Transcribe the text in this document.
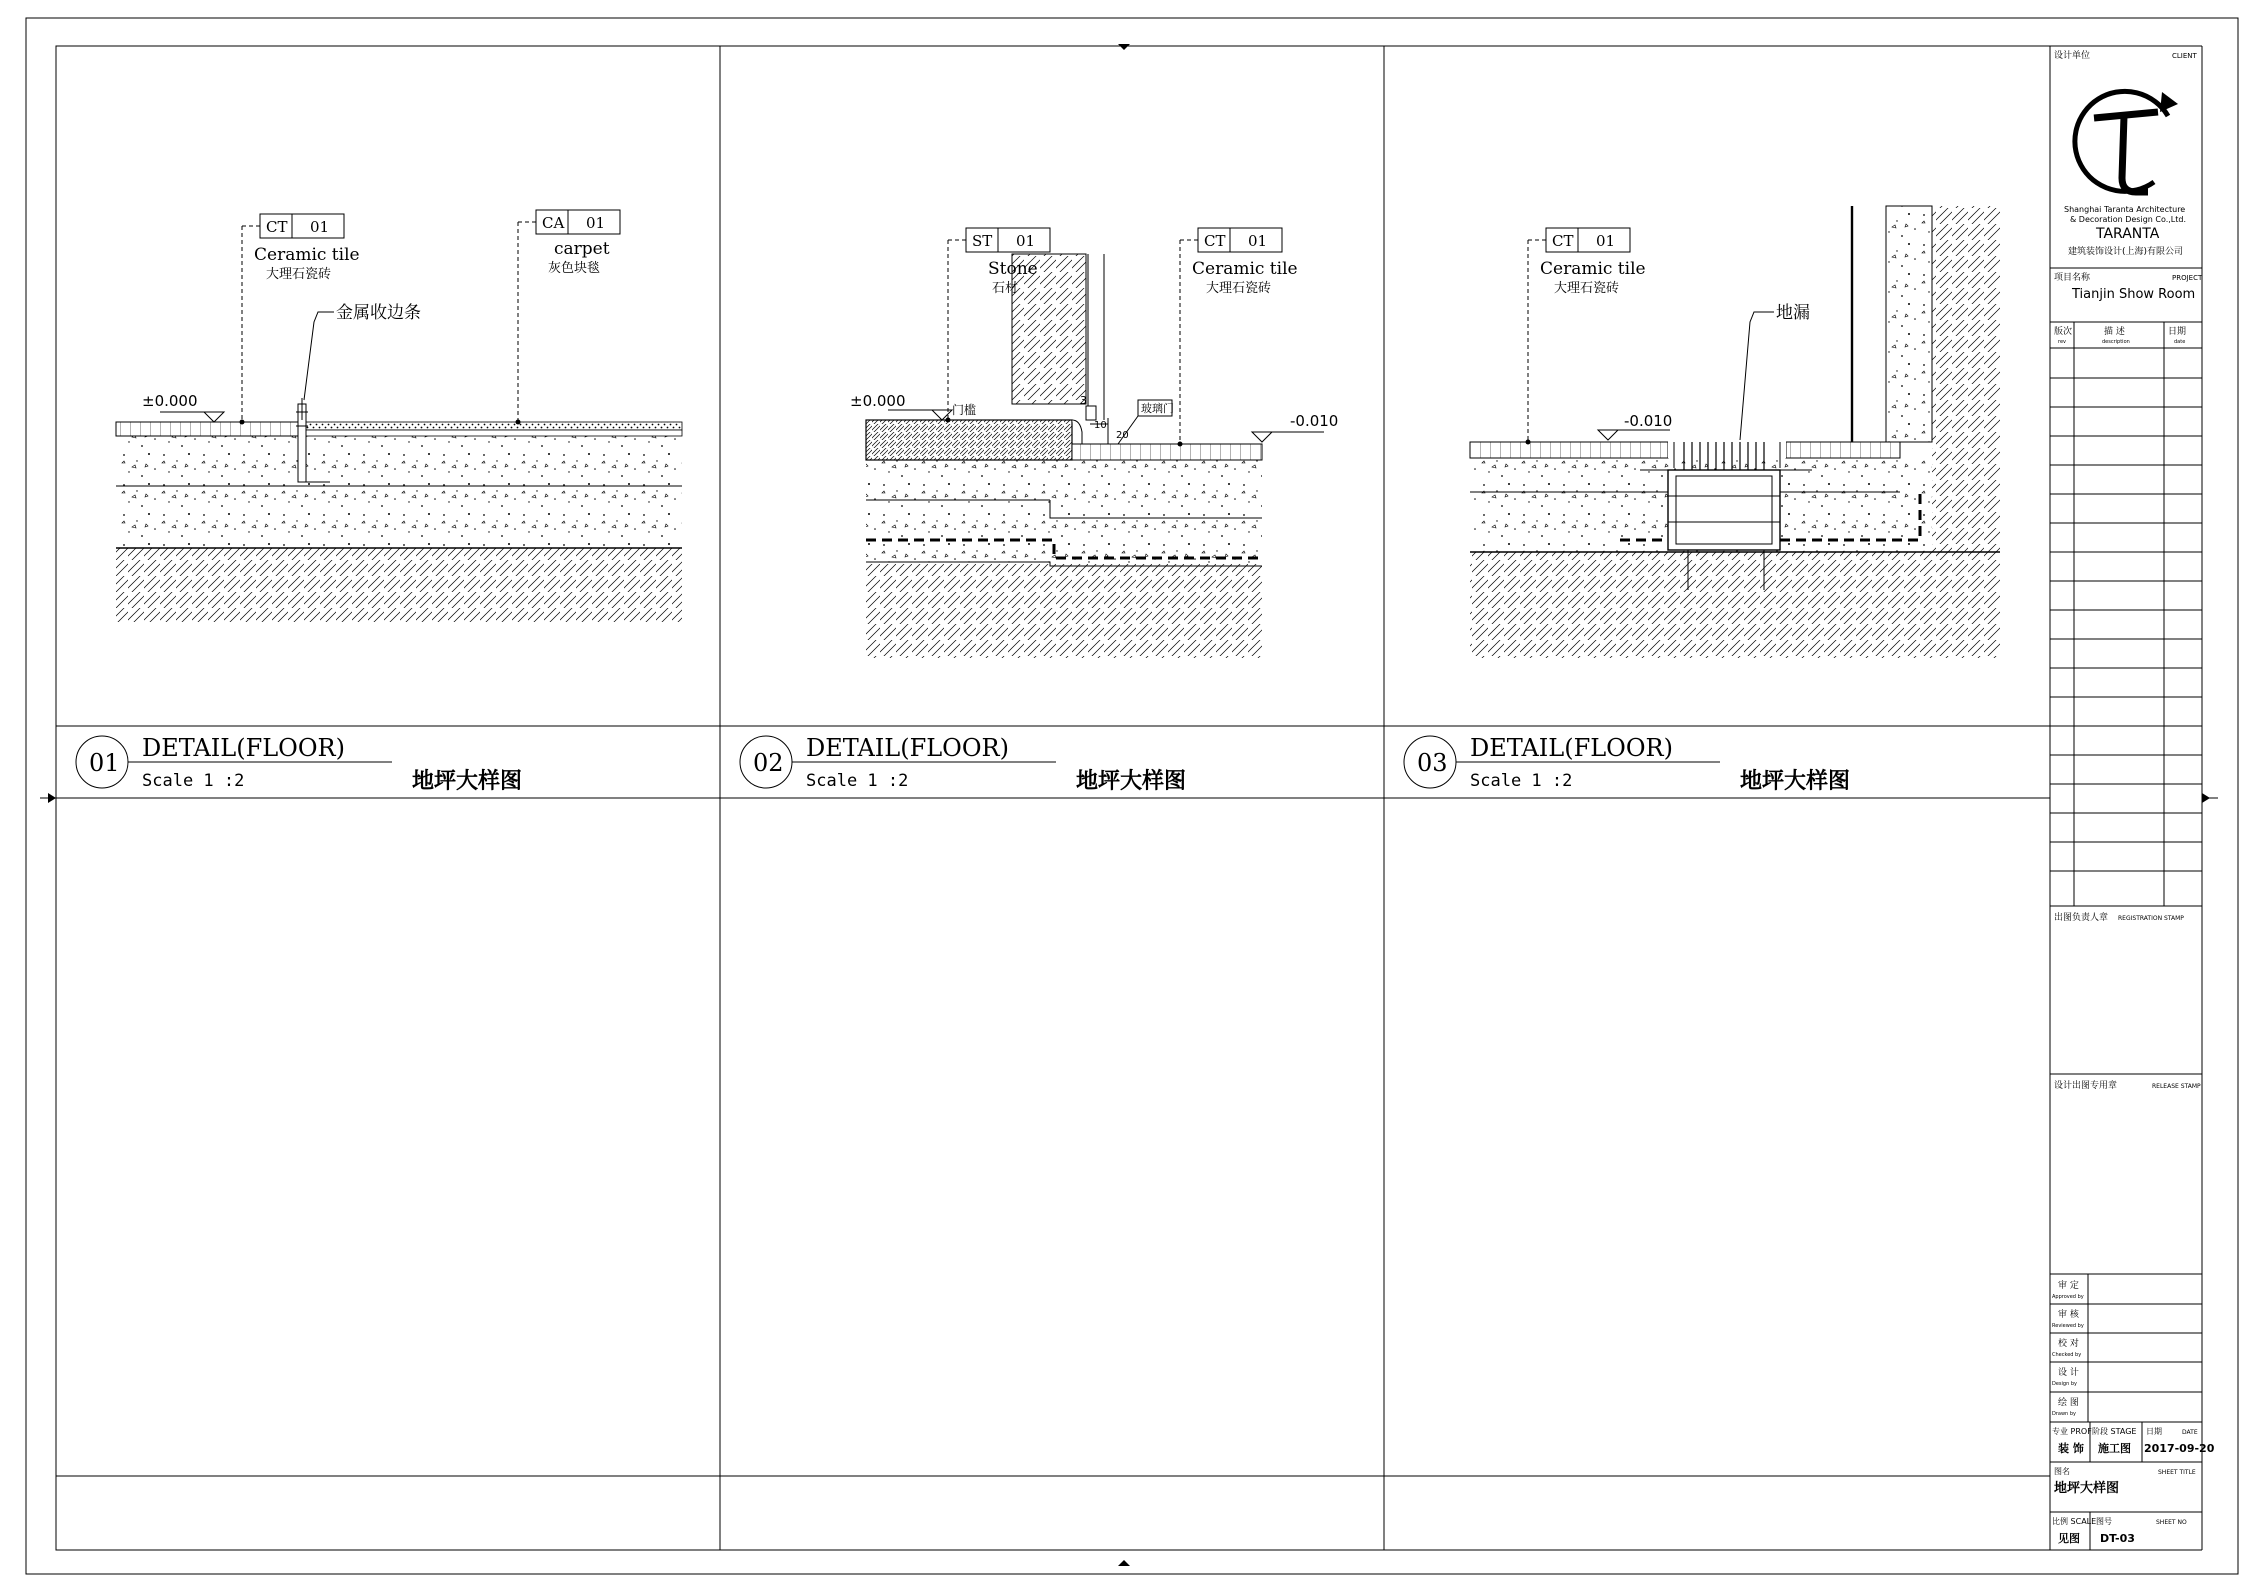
±0.000
CT 01
Ceramic tile
大理石瓷砖
CA 01
carpet
灰色块毯
金属收边条
3
10
20
玻璃门
门槛
±0.000
-0.010
ST 01
Stone
石材
CT 01
Ceramic tile
大理石瓷砖
-0.010
CT 01
Ceramic tile
大理石瓷砖
地漏
01
DETAIL(FLOOR)
Scale 1 :2	地坪大样图
02
DETAIL(FLOOR)
Scale 1 :2	地坪大样图
03
DETAIL(FLOOR)
Scale 1 :2	地坪大样图
设计单位	CLIENT
Shanghai Taranta Architecture
& Decoration Design Co.,Ltd.
TARANTA
建筑装饰设计(上海)有限公司
项目名称	PROJECT
Tianjin Show Room
版次
rev
描 述
description
日期
date
出图负责人章 REGISTRATION STAMP
设计出图专用章	RELEASE STAMP
审 定
Approved by
审 核
Reviewed by
校 对
Checked by
设 计
Design by
绘 图
Drawn by
专业 PROF
装 饰
阶段 STAGE
施工图
日期	DATE
2017-09-20
图名	SHEET TITLE
地坪大样图
比例 SCALE
见图
图号	SHEET NO
DT-03
